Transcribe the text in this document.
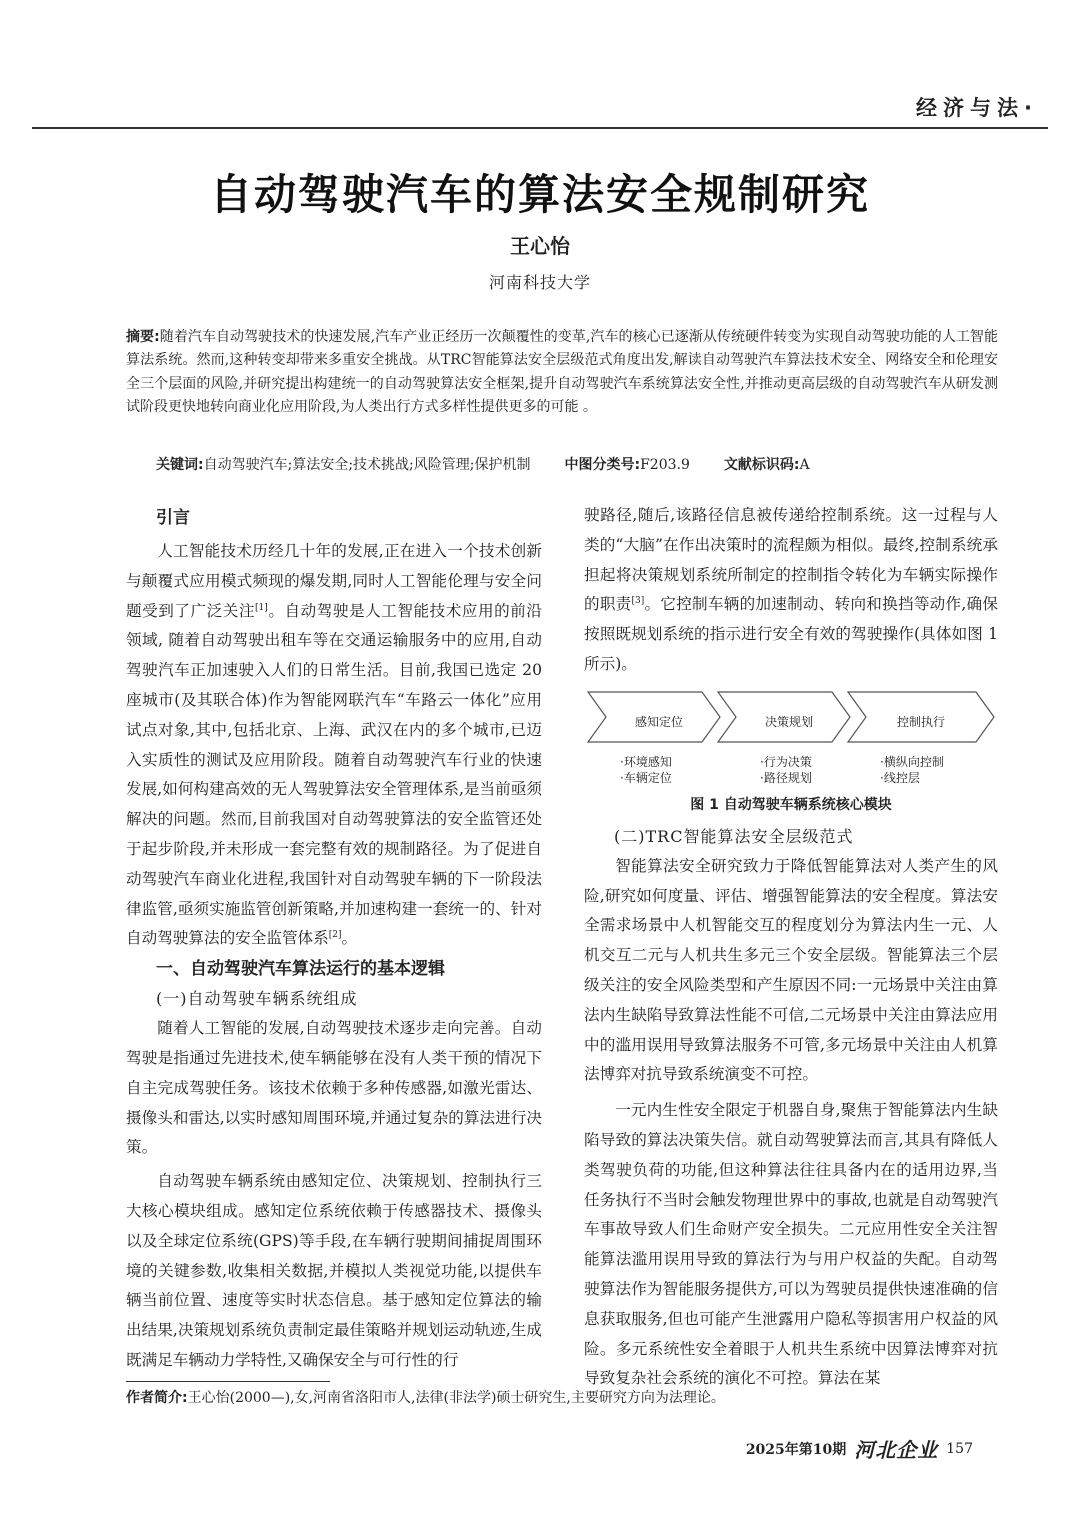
经济与法·
自动驾驶汽车的算法安全规制研究
王心怡
河南科技大学
摘要:随着汽车自动驾驶技术的快速发展,汽车产业正经历一次颠覆性的变革,汽车的核心已逐渐从传统硬件转变为实现自动驾驶功能的人工智能算法系统。然而,这种转变却带来多重安全挑战。从TRC智能算法安全层级范式角度出发,解读自动驾驶汽车算法技术安全、网络安全和伦理安全三个层面的风险,并研究提出构建统一的自动驾驶算法安全框架,提升自动驾驶汽车系统算法安全性,并推动更高层级的自动驾驶汽车从研发测试阶段更快地转向商业化应用阶段,为人类出行方式多样性提供更多的可能 。
关键词:自动驾驶汽车;算法安全;技术挑战;风险管理;保护机制 中图分类号:F203.9 文献标识码:A
引言

人工智能技术历经几十年的发展,正在进入一个技术创新与颠覆式应用模式频现的爆发期,同时人工智能伦理与安全问题受到了广泛关注[1]。自动驾驶是人工智能技术应用的前沿领域, 随着自动驾驶出租车等在交通运输服务中的应用,自动驾驶汽车正加速驶入人们的日常生活。目前,我国已选定 20 座城市(及其联合体)作为智能网联汽车“车路云一体化”应用试点对象,其中,包括北京、上海、武汉在内的多个城市,已迈入实质性的测试及应用阶段。随着自动驾驶汽车行业的快速发展,如何构建高效的无人驾驶算法安全管理体系,是当前亟须解决的问题。然而,目前我国对自动驾驶算法的安全监管还处于起步阶段,并未形成一套完整有效的规制路径。为了促进自动驾驶汽车商业化进程,我国针对自动驾驶车辆的下一阶段法律监管,亟须实施监管创新策略,并加速构建一套统一的、针对自动驾驶算法的安全监管体系[2]。

一、自动驾驶汽车算法运行的基本逻辑
(一)自动驾驶车辆系统组成

随着人工智能的发展,自动驾驶技术逐步走向完善。自动驾驶是指通过先进技术,使车辆能够在没有人类干预的情况下自主完成驾驶任务。该技术依赖于多种传感器,如激光雷达、摄像头和雷达,以实时感知周围环境,并通过复杂的算法进行决策。

自动驾驶车辆系统由感知定位、决策规划、控制执行三大核心模块组成。感知定位系统依赖于传感器技术、摄像头以及全球定位系统(GPS)等手段,在车辆行驶期间捕捉周围环境的关键参数,收集相关数据,并模拟人类视觉功能,以提供车辆当前位置、速度等实时状态信息。基于感知定位算法的输出结果,决策规划系统负责制定最佳策略并规划运动轨迹,生成既满足车辆动力学特性,又确保安全与可行性的行

驶路径,随后,该路径信息被传递给控制系统。这一过程与人类的“大脑”在作出决策时的流程颇为相似。最终,控制系统承担起将决策规划系统所制定的控制指令转化为车辆实际操作的职责[3]。它控制车辆的加速制动、转向和换挡等动作,确保按照既规划系统的指示进行安全有效的驾驶操作(具体如图 1 所示)。

感知定位	决策规划	控制执行
·环境感知
·车辆定位
·行为决策
·路径规划
·横纵向控制
·线控层
图 1 自动驾驶车辆系统核心模块
(二)TRC智能算法安全层级范式

智能算法安全研究致力于降低智能算法对人类产生的风险,研究如何度量、评估、增强智能算法的安全程度。算法安全需求场景中人机智能交互的程度划分为算法内生一元、人机交互二元与人机共生多元三个安全层级。智能算法三个层级关注的安全风险类型和产生原因不同:一元场景中关注由算法内生缺陷导致算法性能不可信,二元场景中关注由算法应用中的滥用误用导致算法服务不可管,多元场景中关注由人机算法博弈对抗导致系统演变不可控。

一元内生性安全限定于机器自身,聚焦于智能算法内生缺陷导致的算法决策失信。就自动驾驶算法而言,其具有降低人类驾驶负荷的功能,但这种算法往往具备内在的适用边界,当任务执行不当时会触发物理世界中的事故,也就是自动驾驶汽车事故导致人们生命财产安全损失。二元应用性安全关注智能算法滥用误用导致的算法行为与用户权益的失配。自动驾驶算法作为智能服务提供方,可以为驾驶员提供快速准确的信息获取服务,但也可能产生泄露用户隐私等损害用户权益的风险。多元系统性安全着眼于人机共生系统中因算法博弈对抗导致复杂社会系统的演化不可控。算法在某

作者简介:王心怡(2000—),女,河南省洛阳市人,法律(非法学)硕士研究生,主要研究方向为法理论。
2025年第10期 河北企业 157
